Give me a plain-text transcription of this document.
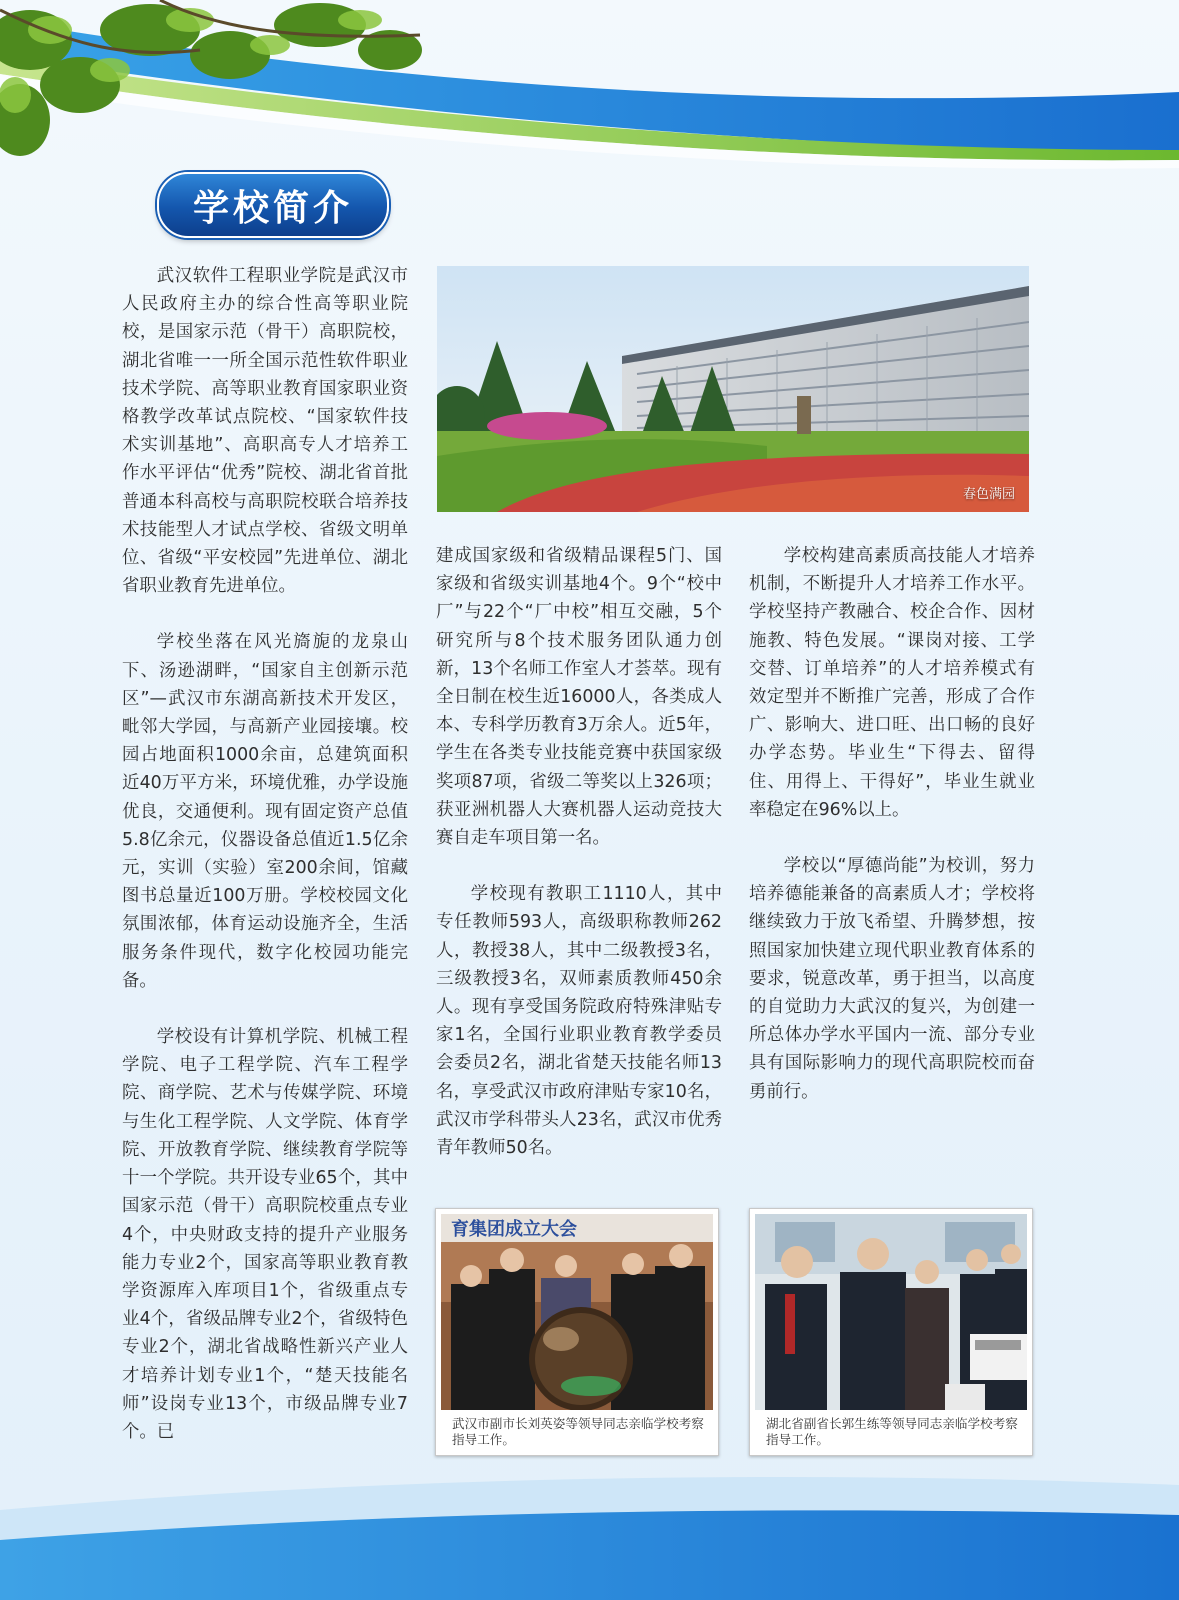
学校简介

武汉软件工程职业学院是武汉市人民政府主办的综合性高等职业院校，是国家示范（骨干）高职院校，湖北省唯一一所全国示范性软件职业技术学院、高等职业教育国家职业资格教学改革试点院校、“国家软件技术实训基地”、高职高专人才培养工作水平评估“优秀”院校、湖北省首批普通本科高校与高职院校联合培养技术技能型人才试点学校、省级文明单位、省级“平安校园”先进单位、湖北省职业教育先进单位。

学校坐落在风光旖旎的龙泉山下、汤逊湖畔，“国家自主创新示范区”—武汉市东湖高新技术开发区，毗邻大学园，与高新产业园接壤。校园占地面积1000余亩，总建筑面积近40万平方米，环境优雅，办学设施优良，交通便利。现有固定资产总值5.8亿余元，仪器设备总值近1.5亿余元，实训（实验）室200余间，馆藏图书总量近100万册。学校校园文化氛围浓郁，体育运动设施齐全，生活服务条件现代，数字化校园功能完备。

学校设有计算机学院、机械工程学院、电子工程学院、汽车工程学院、商学院、艺术与传媒学院、环境与生化工程学院、人文学院、体育学院、开放教育学院、继续教育学院等十一个学院。共开设专业65个，其中国家示范（骨干）高职院校重点专业4个，中央财政支持的提升产业服务能力专业2个，国家高等职业教育教学资源库入库项目1个，省级重点专业4个，省级品牌专业2个，省级特色专业2个，湖北省战略性新兴产业人才培养计划专业1个，“楚天技能名师”设岗专业13个，市级品牌专业7个。已

春色满园

建成国家级和省级精品课程5门、国家级和省级实训基地4个。9个“校中厂”与22个“厂中校”相互交融，5个研究所与8个技术服务团队通力创新，13个名师工作室人才荟萃。现有全日制在校生近16000人，各类成人本、专科学历教育3万余人。近5年，学生在各类专业技能竞赛中获国家级奖项87项，省级二等奖以上326项；获亚洲机器人大赛机器人运动竞技大赛自走车项目第一名。

学校现有教职工1110人，其中专任教师593人，高级职称教师262人，教授38人，其中二级教授3名，三级教授3名，双师素质教师450余人。现有享受国务院政府特殊津贴专家1名，全国行业职业教育教学委员会委员2名，湖北省楚天技能名师13名，享受武汉市政府津贴专家10名，武汉市学科带头人23名，武汉市优秀青年教师50名。

学校构建高素质高技能人才培养机制，不断提升人才培养工作水平。学校坚持产教融合、校企合作、因材施教、特色发展。“课岗对接、工学交替、订单培养”的人才培养模式有效定型并不断推广完善，形成了合作广、影响大、进口旺、出口畅的良好办学态势。毕业生“下得去、留得住、用得上、干得好”，毕业生就业率稳定在96%以上。

学校以“厚德尚能”为校训，努力培养德能兼备的高素质人才；学校将继续致力于放飞希望、升腾梦想，按照国家加快建立现代职业教育体系的要求，锐意改革，勇于担当，以高度的自觉助力大武汉的复兴，为创建一所总体办学水平国内一流、部分专业具有国际影响力的现代高职院校而奋勇前行。

育集团成立大会
武汉市副市长刘英姿等领导同志亲临学校考察指导工作。
湖北省副省长郭生练等领导同志亲临学校考察指导工作。
